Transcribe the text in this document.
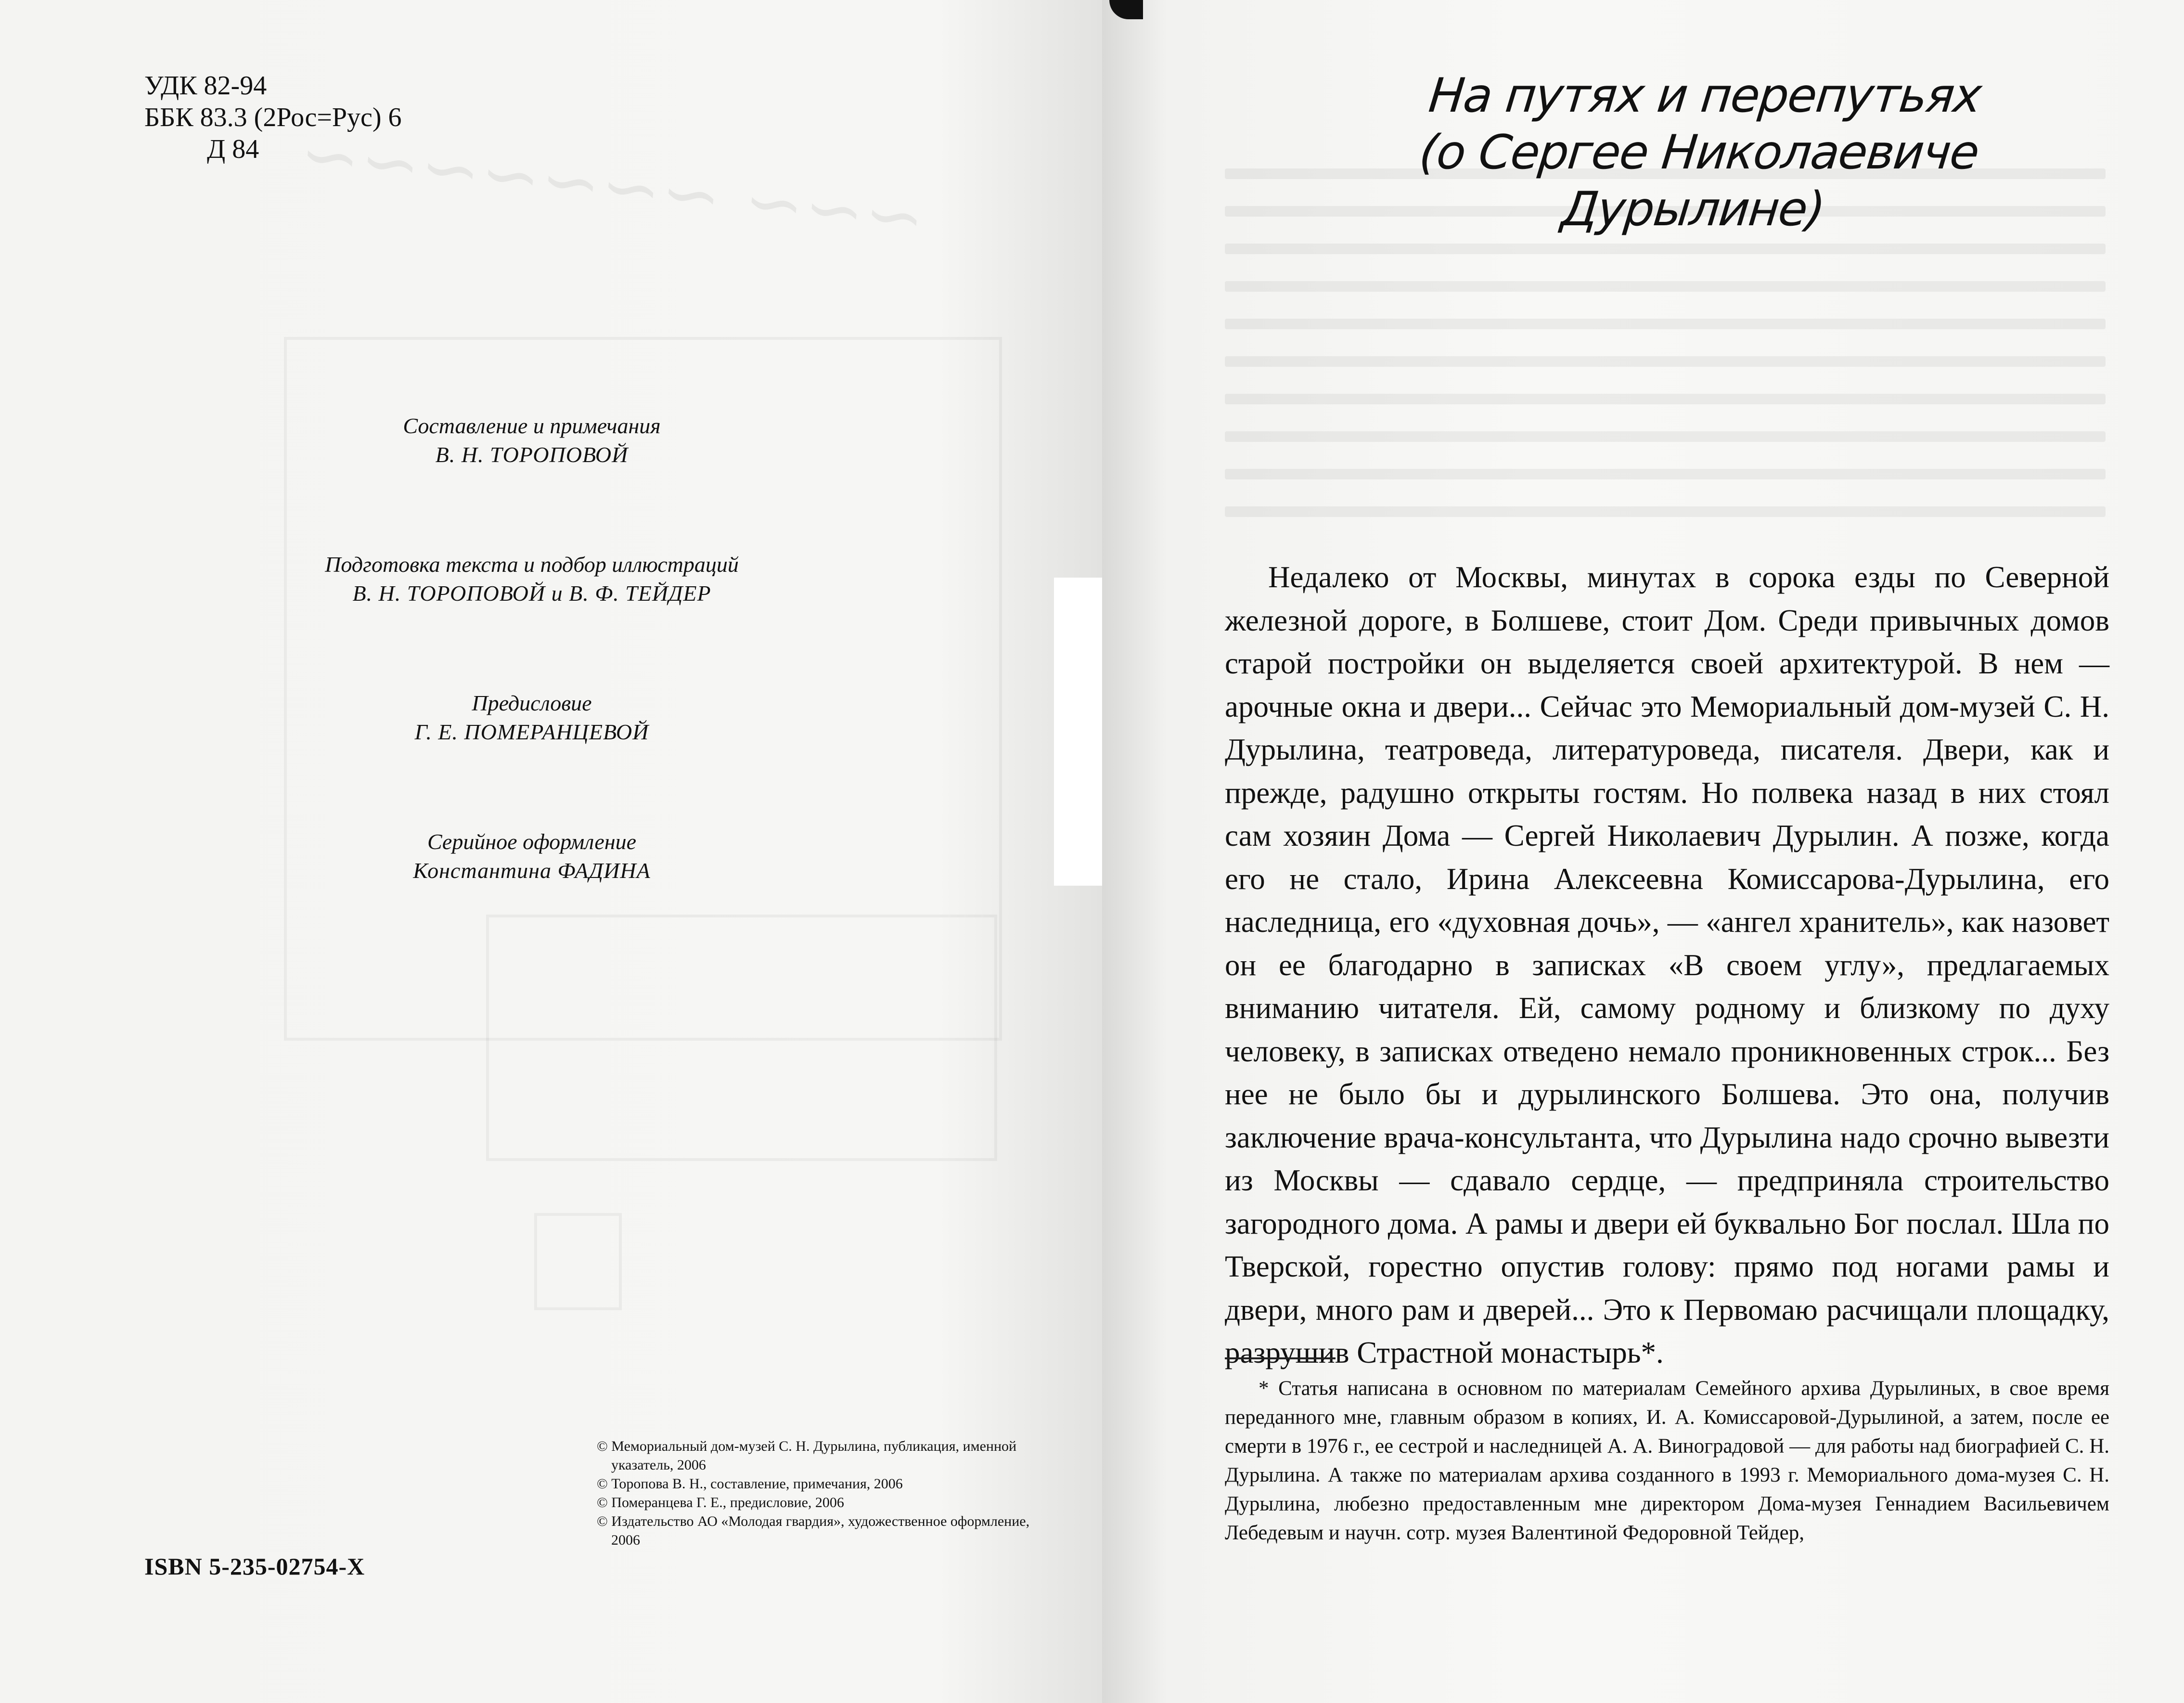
~~~ ~~~~~~~
УДК 82-94
ББК 83.3 (2Рос=Рус) 6
Д 84
Составление и примечания
В. Н. ТОРОПОВОЙ
Подготовка текста и подбор иллюстраций
В. Н. ТОРОПОВОЙ и В. Ф. ТЕЙДЕР
Предисловие
Г. Е. ПОМЕРАНЦЕВОЙ
Серийное оформление
Константина ФАДИНА
© Мемориальный дом-музей С. Н. Дурылина, публикация, именной указатель, 2006
© Торопова В. Н., составление, примечания, 2006
© Померанцева Г. Е., предисловие, 2006
© Издательство АО «Молодая гвардия», художественное оформление, 2006
ISBN 5-235-02754-X
На путях и перепутьях
(о Сергее Николаевиче Дурылине)

Недалеко от Москвы, минутах в сорока езды по Северной железной дороге, в Болшеве, стоит Дом. Среди привычных домов старой постройки он выделяется своей архитектурой. В нем — арочные окна и двери... Сейчас это Мемориальный дом-музей С. Н. Дурылина, театроведа, литературоведа, писателя. Двери, как и прежде, радушно открыты гостям. Но полвека назад в них стоял сам хозяин Дома — Сергей Николаевич Дурылин. А позже, когда его не стало, Ирина Алексеевна Комиссарова-Дурылина, его наследница, его «духовная дочь», — «ангел хранитель», как назовет он ее благодарно в записках «В своем углу», предлагаемых вниманию читателя. Ей, самому родному и близкому по духу человеку, в записках отведено немало проникновенных строк... Без нее не было бы и дурылинского Болшева. Это она, получив заключение врача-консультанта, что Дурылина надо срочно вывезти из Москвы — сдавало сердце, — предприняла строительство загородного дома. А рамы и двери ей буквально Бог послал. Шла по Тверской, горестно опустив голову: прямо под ногами рамы и двери, много рам и дверей... Это к Первомаю расчищали площадку, разрушив Страстной монастырь*.

* Статья написана в основном по материалам Семейного архива Дурылиных, в свое время переданного мне, главным образом в копиях, И. А. Комиссаровой-Дурылиной, а затем, после ее смерти в 1976 г., ее сестрой и наследницей А. А. Виноградовой — для работы над биографией С. Н. Дурылина. А также по материалам архива созданного в 1993 г. Мемориального дома-музея С. Н. Дурылина, любезно предоставленным мне директором Дома-музея Геннадием Васильевичем Лебедевым и научн. сотр. музея Валентиной Федоровной Тейдер,
